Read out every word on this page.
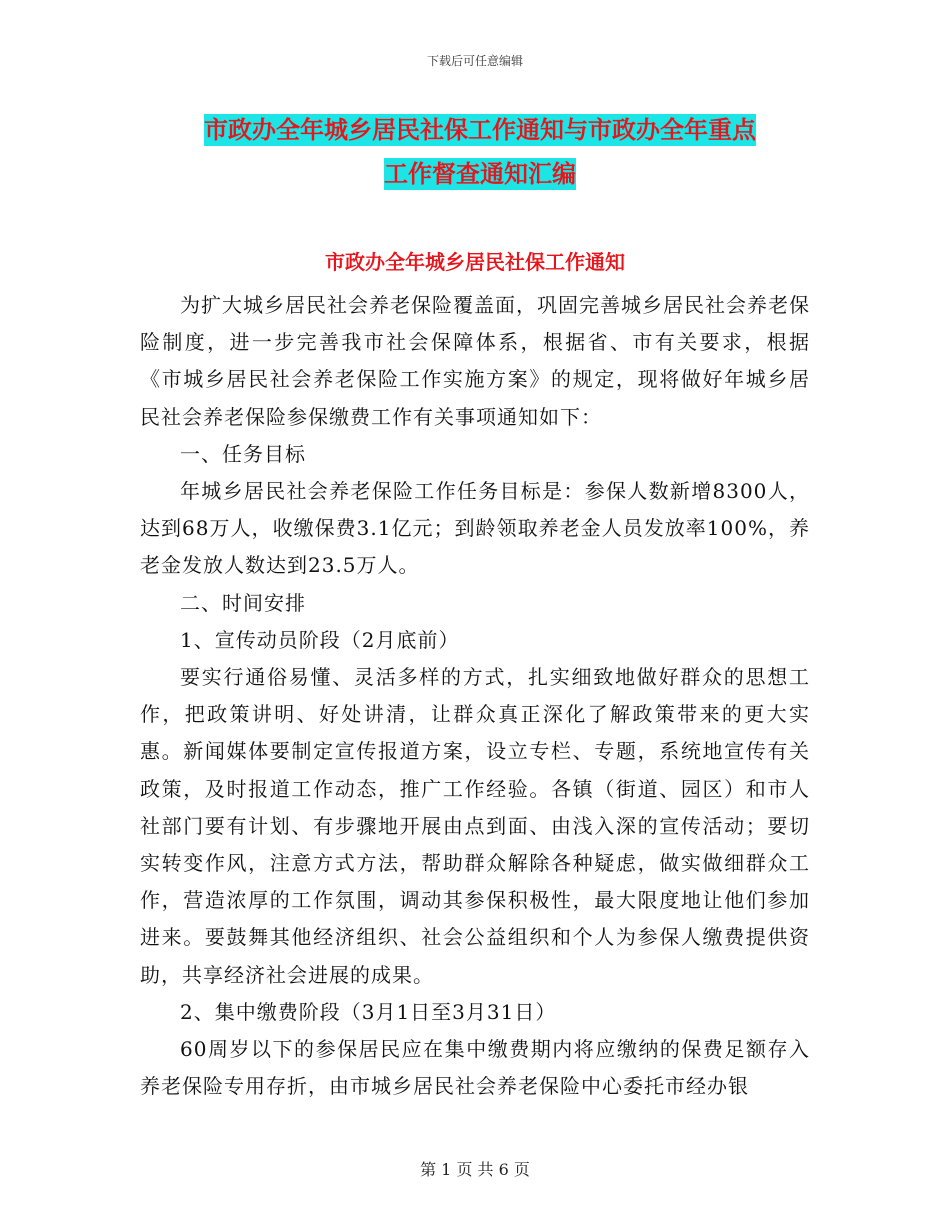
下载后可任意编辑
市政办全年城乡居民社保工作通知与市政办全年重点
工作督查通知汇编
市政办全年城乡居民社保工作通知

为扩大城乡居民社会养老保险覆盖面，巩固完善城乡居民社会养老保险制度，进一步完善我市社会保障体系，根据省、市有关要求，根据《市城乡居民社会养老保险工作实施方案》的规定，现将做好年城乡居民社会养老保险参保缴费工作有关事项通知如下：

一、任务目标

年城乡居民社会养老保险工作任务目标是：参保人数新增8300人，达到68万人，收缴保费3.1亿元；到龄领取养老金人员发放率100%，养老金发放人数达到23.5万人。

二、时间安排

1、宣传动员阶段（2月底前）

要实行通俗易懂、灵活多样的方式，扎实细致地做好群众的思想工作，把政策讲明、好处讲清，让群众真正深化了解政策带来的更大实惠。新闻媒体要制定宣传报道方案，设立专栏、专题，系统地宣传有关政策，及时报道工作动态，推广工作经验。各镇（街道、园区）和市人社部门要有计划、有步骤地开展由点到面、由浅入深的宣传活动；要切实转变作风，注意方式方法，帮助群众解除各种疑虑，做实做细群众工作，营造浓厚的工作氛围，调动其参保积极性，最大限度地让他们参加进来。要鼓舞其他经济组织、社会公益组织和个人为参保人缴费提供资助，共享经济社会进展的成果。

2、集中缴费阶段（3月1日至3月31日）

60周岁以下的参保居民应在集中缴费期内将应缴纳的保费足额存入养老保险专用存折，由市城乡居民社会养老保险中心委托市经办银

第 1 页 共 6 页
